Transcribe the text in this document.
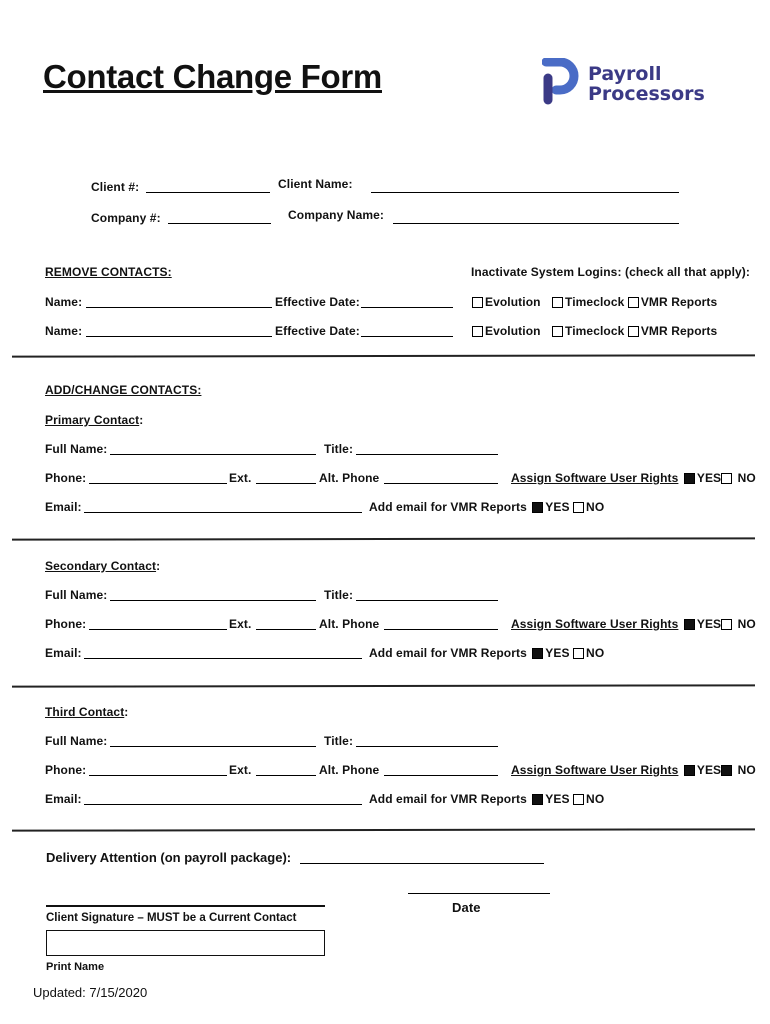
Contact Change Form	Payroll
Processors
Client #:	Client Name:
Company #:	Company Name:
REMOVE CONTACTS:	Inactivate System Logins: (check all that apply):
Name:	Effective Date:	Evolution Timeclock VMR Reports
Name:	Effective Date:	Evolution Timeclock VMR Reports
ADD/CHANGE CONTACTS:
Primary Contact:
Full Name:	Title:
Phone:	Ext.	Alt. Phone	Assign Software User Rights YES NO
Email:	Add email for VMR Reports YES NO
Secondary Contact:
Full Name:	Title:
Phone:	Ext.	Alt. Phone	Assign Software User Rights YES NO
Email:	Add email for VMR Reports YES NO
Third Contact:
Full Name:	Title:
Phone:	Ext.	Alt. Phone	Assign Software User Rights YES NO
Email:	Add email for VMR Reports YES NO
Delivery Attention (on payroll package):
Date
Client Signature – MUST be a Current Contact
Print Name
Updated: 7/15/2020
